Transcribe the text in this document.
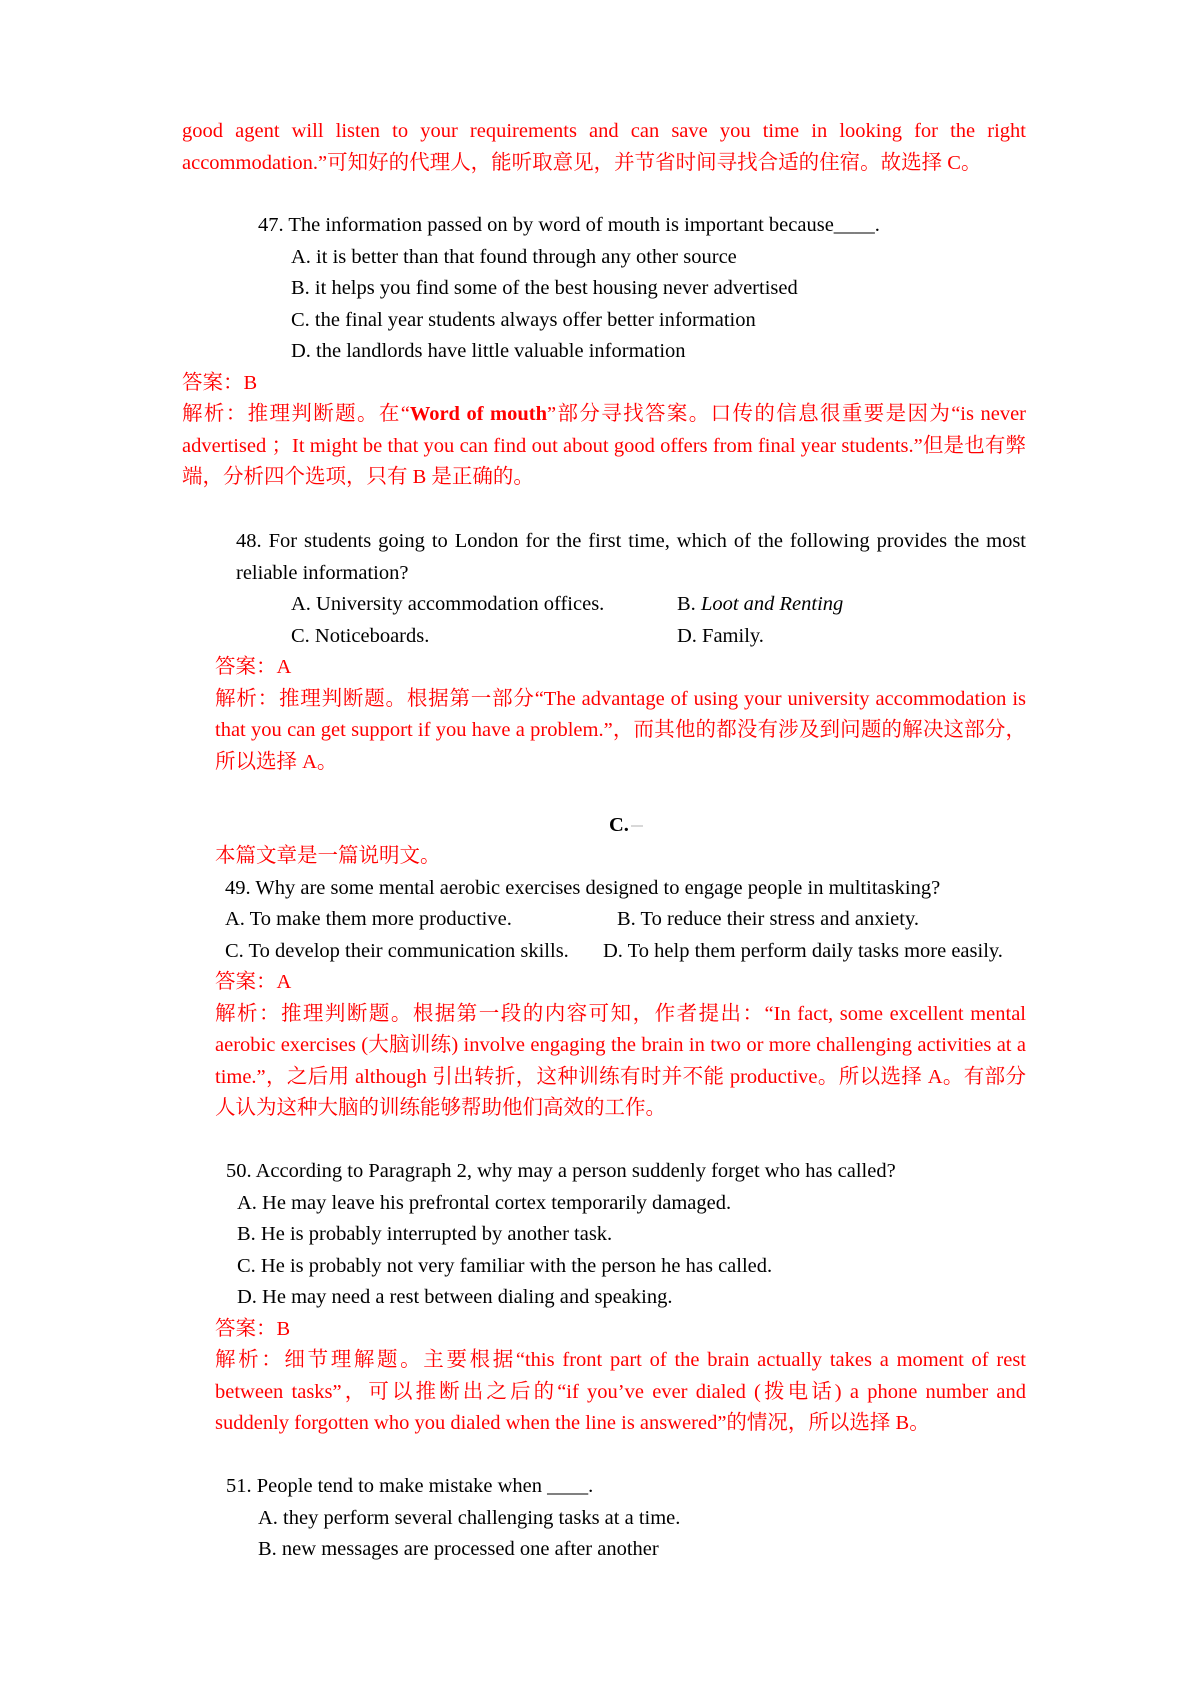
good agent will listen to your requirements and can save you time in looking for the right
accommodation.”可知好的代理人，能听取意见，并节省时间寻找合适的住宿。故选择 C。
47. The information passed on by word of mouth is important because____.
A. it is better than that found through any other source
B. it helps you find some of the best housing never advertised
C. the final year students always offer better information
D. the landlords have little valuable information
答案：B
解析：推理判断题。在“Word of mouth”部分寻找答案。口传的信息很重要是因为“is never advertised ；It might be that you can find out about good offers from final year students.”但是也有弊端，分析四个选项，只有 B 是正确的。
48. For students going to London for the first time, which of the following provides the most reliable information?
A. University accommodation offices.	B. Loot and Renting
C. Noticeboards.	D. Family.
答案：A
解析：推理判断题。根据第一部分“The advantage of using your university accommodation is that you can get support if you have a problem.”，而其他的都没有涉及到问题的解决这部分，所以选择 A。
C.
本篇文章是一篇说明文。
49. Why are some mental aerobic exercises designed to engage people in multitasking?
A. To make them more productive.	B. To reduce their stress and anxiety.
C. To develop their communication skills. D. To help them perform daily tasks more easily.
答案：A
解析：推理判断题。根据第一段的内容可知，作者提出：“In fact, some excellent mental aerobic exercises (大脑训练) involve engaging the brain in two or more challenging activities at a time.”，之后用 although 引出转折，这种训练有时并不能 productive。所以选择 A。有部分人认为这种大脑的训练能够帮助他们高效的工作。
50. According to Paragraph 2, why may a person suddenly forget who has called?
A. He may leave his prefrontal cortex temporarily damaged.
B. He is probably interrupted by another task.
C. He is probably not very familiar with the person he has called.
D. He may need a rest between dialing and speaking.
答案：B
解析：细节理解题。主要根据“this front part of the brain actually takes a moment of rest between tasks”，可以推断出之后的“if you’ve ever dialed (拨电话) a phone number and suddenly forgotten who you dialed when the line is answered”的情况，所以选择 B。
51. People tend to make mistake when ____.
A. they perform several challenging tasks at a time.
B. new messages are processed one after another
